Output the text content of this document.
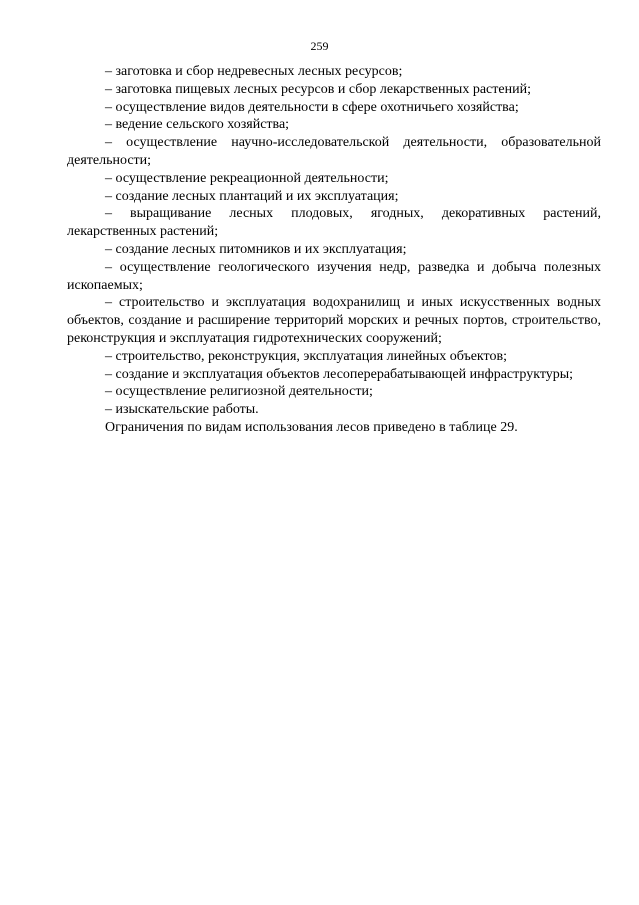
259

– заготовка и сбор недревесных лесных ресурсов;

– заготовка пищевых лесных ресурсов и сбор лекарственных растений;

– осуществление видов деятельности в сфере охотничьего хозяйства;

– ведение сельского хозяйства;

– осуществление научно-исследовательской деятельности, образовательной деятельности;

– осуществление рекреационной деятельности;

– создание лесных плантаций и их эксплуатация;

– выращивание лесных плодовых, ягодных, декоративных растений, лекарственных растений;

– создание лесных питомников и их эксплуатация;

– осуществление геологического изучения недр, разведка и добыча полезных ископаемых;

– строительство и эксплуатация водохранилищ и иных искусственных водных объектов, создание и расширение территорий морских и речных портов, строительство, реконструкция и эксплуатация гидротехнических сооружений;

– строительство, реконструкция, эксплуатация линейных объектов;

– создание и эксплуатация объектов лесоперерабатывающей инфраструктуры;

– осуществление религиозной деятельности;

– изыскательские работы.

Ограничения по видам использования лесов приведено в таблице 29.
